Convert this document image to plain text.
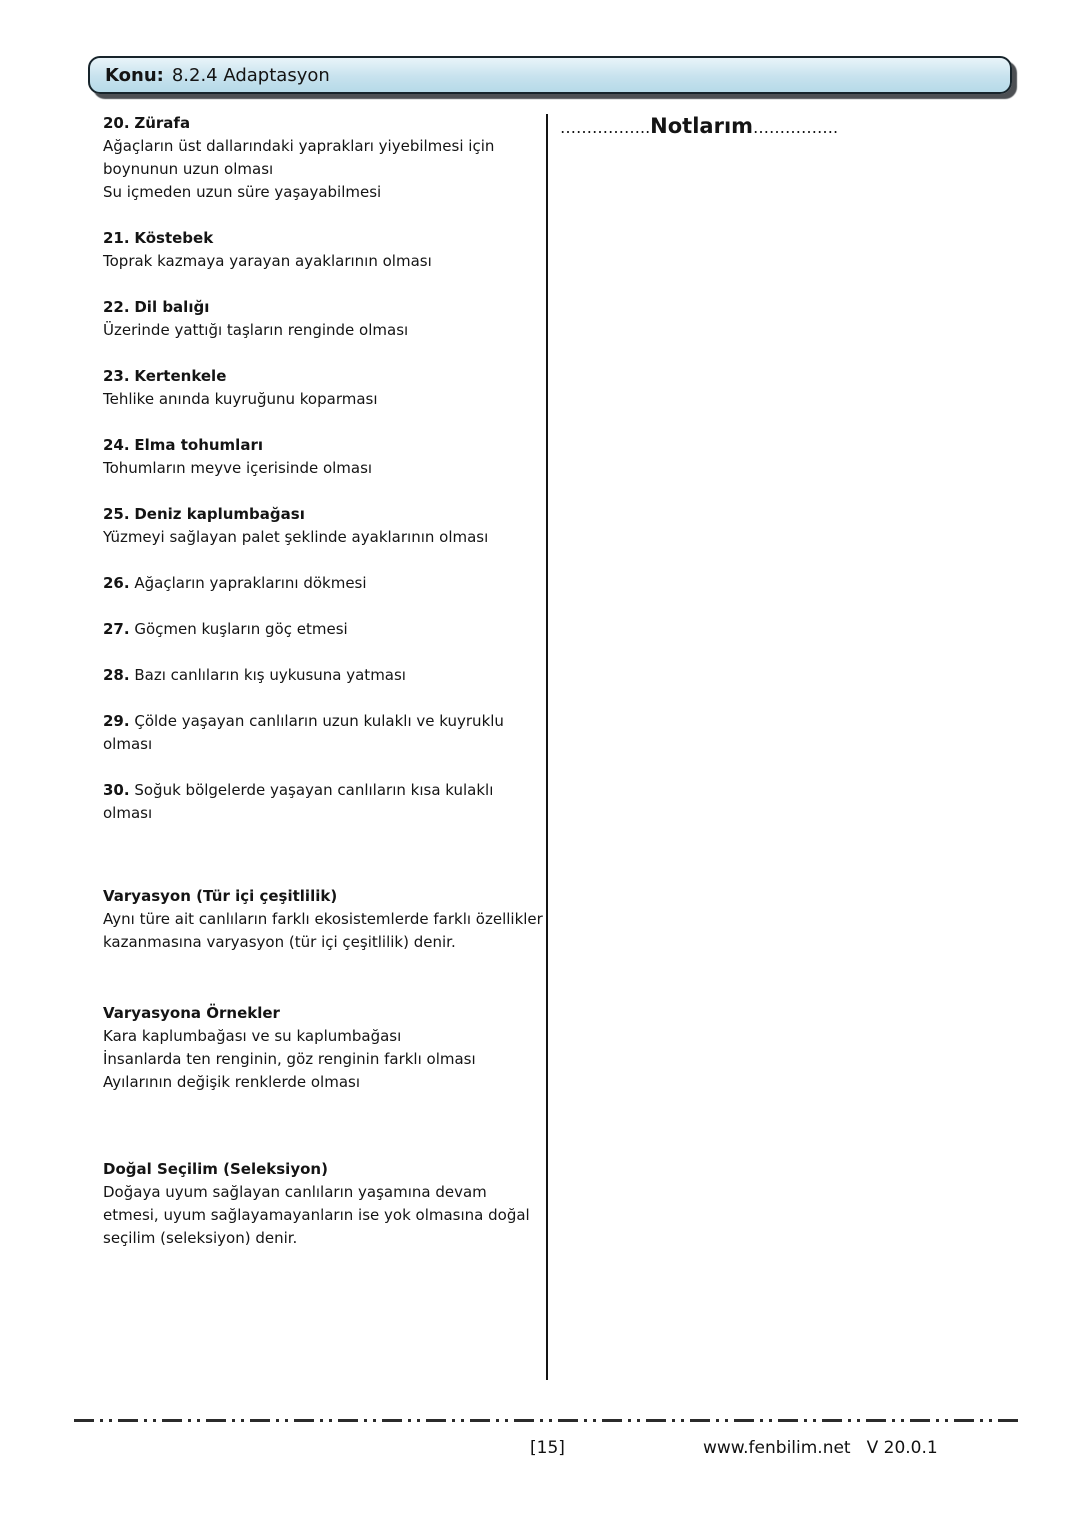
Konu: 8.2.4 Adaptasyon
20. Zürafa
Ağaçların üst dallarındaki yaprakları yiyebilmesi için boynunun uzun olması
Su içmeden uzun süre yaşayabilmesi
21. Köstebek
Toprak kazmaya yarayan ayaklarının olması
22. Dil balığı
Üzerinde yattığı taşların renginde olması
23. Kertenkele
Tehlike anında kuyruğunu koparması
24. Elma tohumları
Tohumların meyve içerisinde olması
25. Deniz kaplumbağası
Yüzmeyi sağlayan palet şeklinde ayaklarının olması
26. Ağaçların yapraklarını dökmesi
27. Göçmen kuşların göç etmesi
28. Bazı canlıların kış uykusuna yatması
29. Çölde yaşayan canlıların uzun kulaklı ve kuyruklu olması
30. Soğuk bölgelerde yaşayan canlıların kısa kulaklı olması
Varyasyon (Tür içi çeşitlilik)
Aynı türe ait canlıların farklı ekosistemlerde farklı özellikler kazanmasına varyasyon (tür içi çeşitlilik) denir.
Varyasyona Örnekler
Kara kaplumbağası ve su kaplumbağası
İnsanlarda ten renginin, göz renginin farklı olması
Ayılarının değişik renklerde olması
Doğal Seçilim (Seleksiyon)
Doğaya uyum sağlayan canlıların yaşamına devam etmesi, uyum sağlayamayanların ise yok olmasına doğal seçilim (seleksiyon) denir.
……………..Notlarım…………….
[15]	www.fenbilim.net V 20.0.1
